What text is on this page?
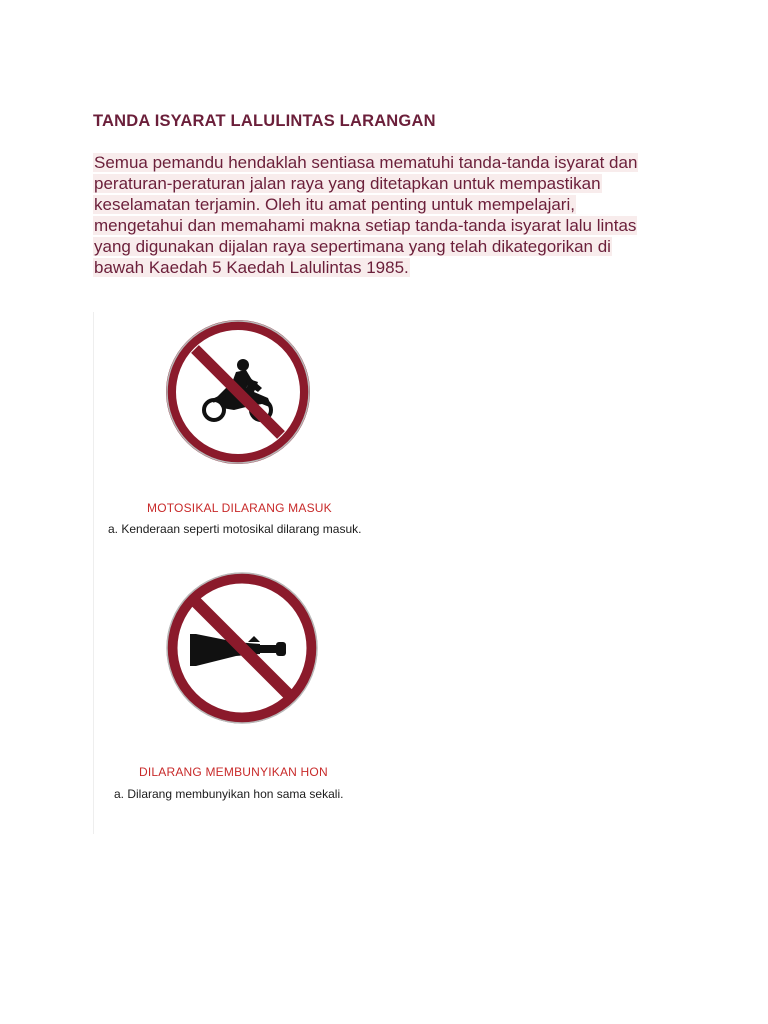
TANDA ISYARAT LALULINTAS LARANGAN

Semua pemandu hendaklah sentiasa mematuhi tanda-tanda isyarat dan
peraturan-peraturan jalan raya yang ditetapkan untuk mempastikan
keselamatan terjamin. Oleh itu amat penting untuk mempelajari,
mengetahui dan memahami makna setiap tanda-tanda isyarat lalu lintas
yang digunakan dijalan raya sepertimana yang telah dikategorikan di
bawah Kaedah 5 Kaedah Lalulintas 1985.

MOTOSIKAL DILARANG MASUK

a. Kenderaan seperti motosikal dilarang masuk.

DILARANG MEMBUNYIKAN HON

a. Dilarang membunyikan hon sama sekali.
